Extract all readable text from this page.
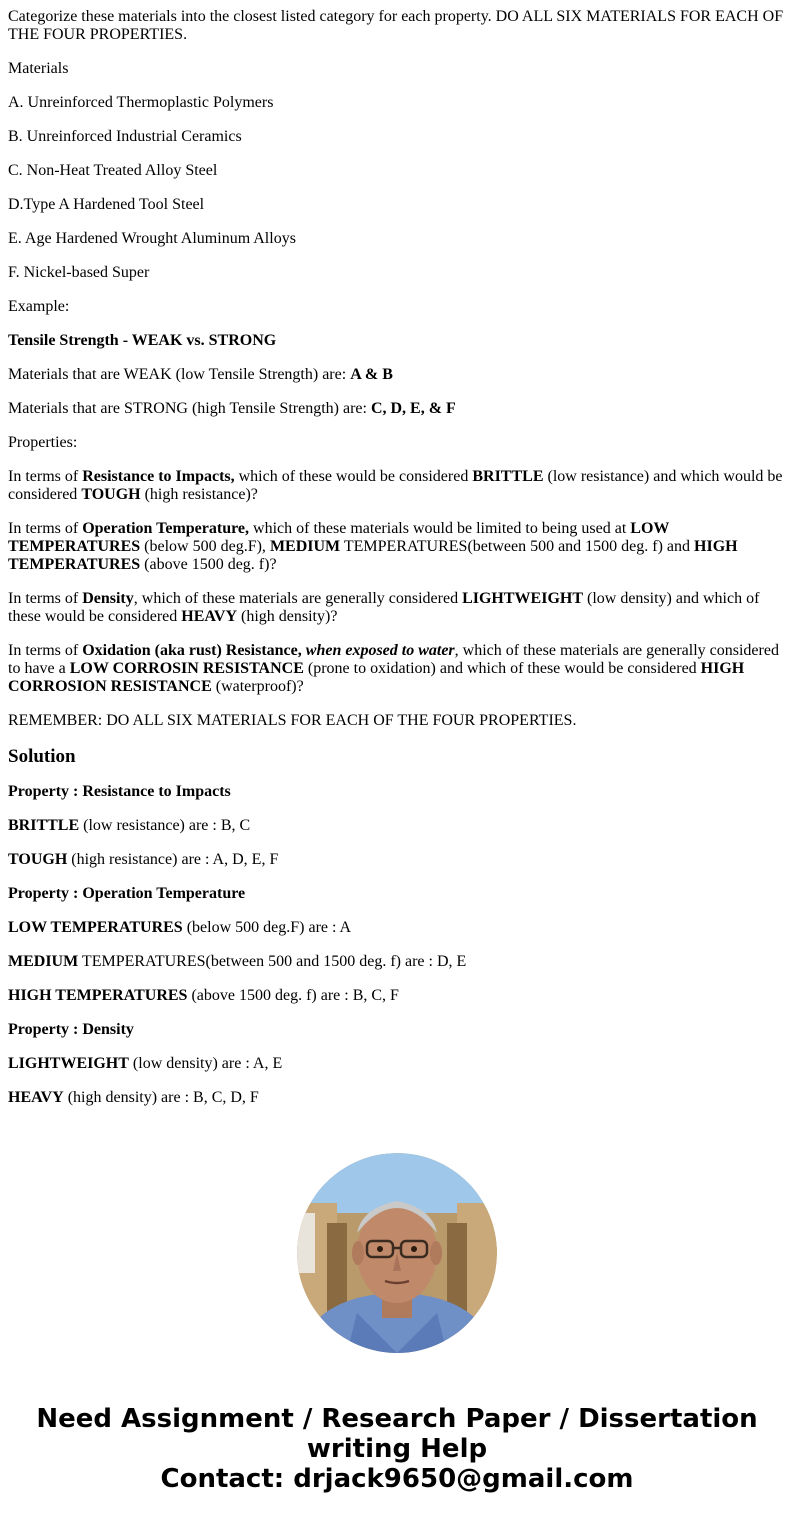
Categorize these materials into the closest listed category for each property. DO ALL SIX MATERIALS FOR EACH OF THE FOUR PROPERTIES.

Materials

A. Unreinforced Thermoplastic Polymers

B. Unreinforced Industrial Ceramics

C. Non-Heat Treated Alloy Steel

D.Type A Hardened Tool Steel

E. Age Hardened Wrought Aluminum Alloys

F. Nickel-based Super

Example:

Tensile Strength - WEAK vs. STRONG

Materials that are WEAK (low Tensile Strength) are: A & B

Materials that are STRONG (high Tensile Strength) are: C, D, E, & F

Properties:

In terms of Resistance to Impacts, which of these would be considered BRITTLE (low resistance) and which would be considered TOUGH (high resistance)?

In terms of Operation Temperature, which of these materials would be limited to being used at LOW TEMPERATURES (below 500 deg.F), MEDIUM TEMPERATURES(between 500 and 1500 deg. f) and HIGH TEMPERATURES (above 1500 deg. f)?

In terms of Density, which of these materials are generally considered LIGHTWEIGHT (low density) and which of these would be considered HEAVY (high density)?

In terms of Oxidation (aka rust) Resistance, when exposed to water, which of these materials are generally considered to have a LOW CORROSIN RESISTANCE (prone to oxidation) and which of these would be considered HIGH CORROSION RESISTANCE (waterproof)?

REMEMBER: DO ALL SIX MATERIALS FOR EACH OF THE FOUR PROPERTIES.

Solution

Property : Resistance to Impacts

BRITTLE (low resistance) are : B, C

TOUGH (high resistance) are : A, D, E, F

Property : Operation Temperature

LOW TEMPERATURES (below 500 deg.F) are : A

MEDIUM TEMPERATURES(between 500 and 1500 deg. f) are : D, E

HIGH TEMPERATURES (above 1500 deg. f) are : B, C, F

Property : Density

LIGHTWEIGHT (low density) are : A, E

HEAVY (high density) are : B, C, D, F

Need Assignment / Research Paper / Dissertation
writing Help
Contact: drjack9650@gmail.com
